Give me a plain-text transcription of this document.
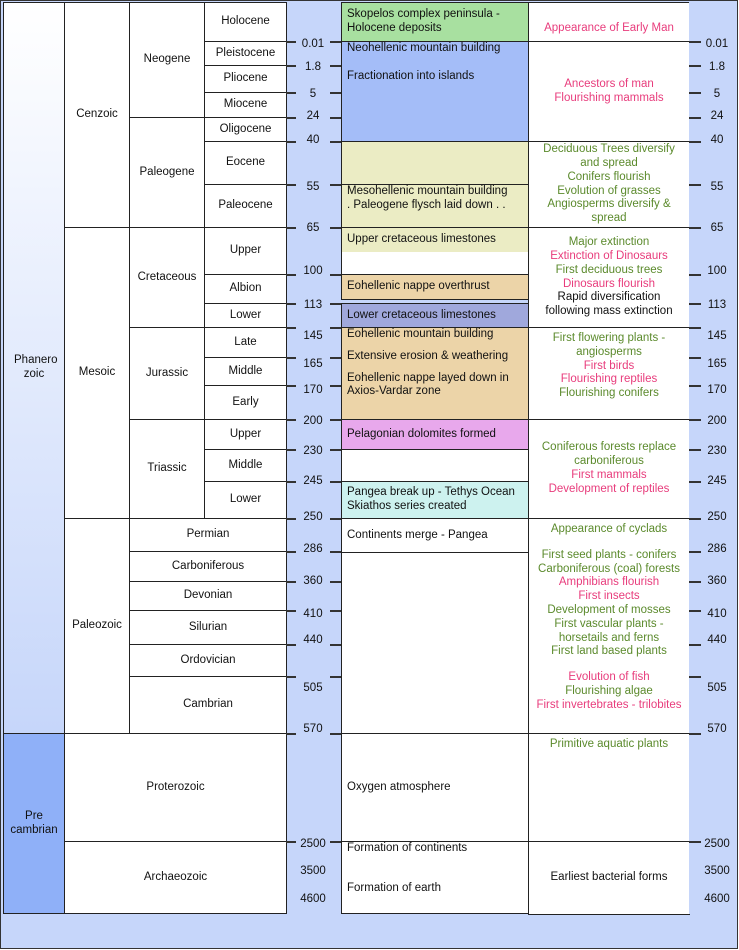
Phanero zoic
Pre cambrian
Cenzoic
Mesoic
Paleozoic
Proterozoic
Archaeozoic
Neogene
Paleogene
Cretaceous
Jurassic
Triassic
Permian
Carboniferous
Devonian
Silurian
Ordovician
Cambrian
Holocene
Pleistocene
Pliocene
Miocene
Oligocene
Eocene
Paleocene
Upper
Albion
Lower
Late
Middle
Early
Upper
Middle
Lower
0.01
1.8
5
24
40
55
65
100
113
145
165
170
200
230
245
250
286
360
410
440
505
570
2500
3500
4600
Skopelos complex peninsula - Holocene deposits
Neohellenic mountain building
Fractionation into islands
Mesohellenic mountain building
. Paleogene flysch laid down . .
Upper cretaceous limestones
Eohellenic nappe overthrust
Lower cretaceous limestones
Eohellenic mountain building
Extensive erosion & weathering
Eohellenic nappe layed down in Axios-Vardar zone
Pelagonian dolomites formed
Pangea break up - Tethys Ocean Skiathos series created
Continents merge - Pangea
Oxygen atmosphere
Formation of continents
Formation of earth
Appearance of Early Man
Ancestors of man
Flourishing mammals
Deciduous Trees diversify and spread
Conifers flourish
Evolution of grasses
Angiosperms diversify & spread
Major extinction
Extinction of Dinosaurs
First deciduous trees
Dinosaurs flourish
Rapid diversification following mass extinction
First flowering plants - angiosperms
First birds
Flourishing reptiles
Flourishing conifers
Coniferous forests replace carboniferous
First mammals
Development of reptiles
Appearance of cyclads
First seed plants - conifers
Carboniferous (coal) forests
Amphibians flourish
First insects
Development of mosses
First vascular plants - horsetails and ferns
First land based plants
Evolution of fish
Flourishing algae
First invertebrates - trilobites
Primitive aquatic plants
Earliest bacterial forms
0.01
1.8
5
24
40
55
65
100
113
145
165
170
200
230
245
250
286
360
410
440
505
570
2500
3500
4600
